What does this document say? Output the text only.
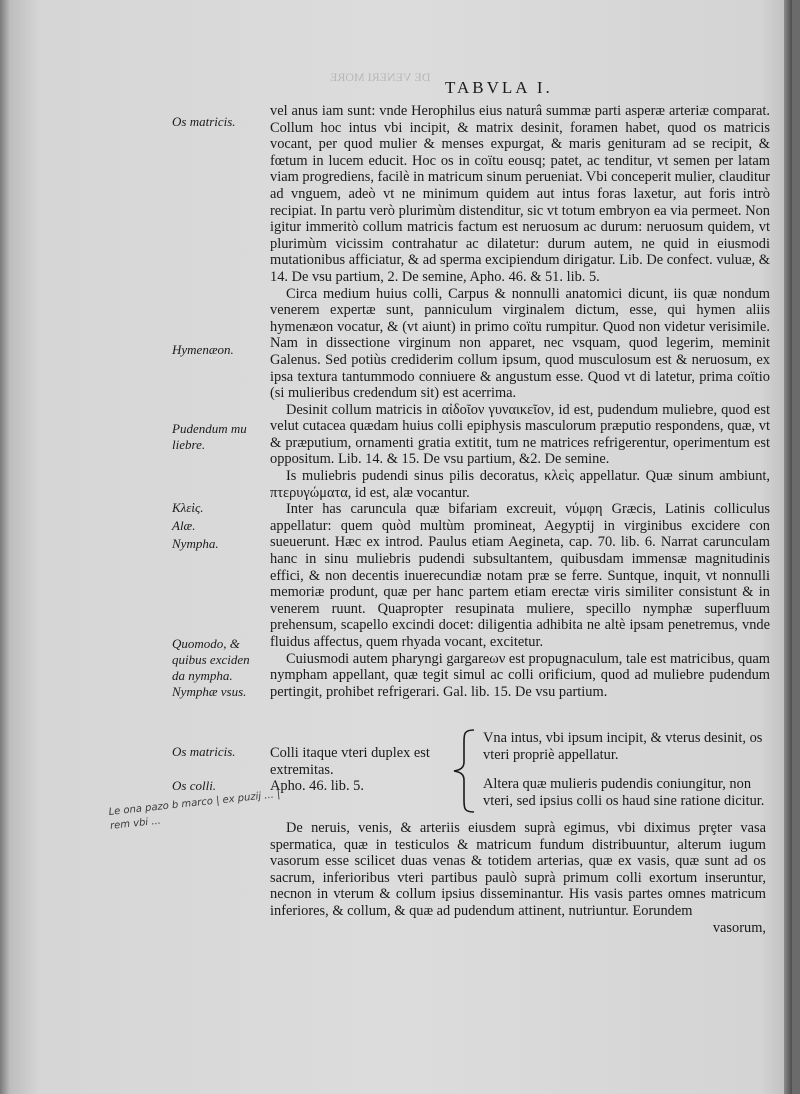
DE VENERI MORE
TABVLA I.
Os matricis.
Hymenæon.
Pudendum mu
liebre.
Κλεὶς.
Alæ.
Nympha.
Quomodo, &
quibus exciden
da nympha.
Nymphæ vsus.
Os matricis.
Os colli.
vel anus iam sunt: vnde Herophilus eius naturâ summæ parti asperæ arteriæ comparat. Collum hoc intus vbi incipit, & matrix desinit, foramen habet, quod os matricis vocant, per quod mulier & menses expurgat, & maris genituram ad se recipit, & fœtum in lucem educit. Hoc os in coïtu eousq; patet, ac tenditur, vt semen per latam viam progrediens, facilè in matricum sinum perueniat. Vbi conceperit mulier, clauditur ad vnguem, adeò vt ne minimum quidem aut intus foras laxetur, aut foris intrò recipiat. In partu verò plurimùm distenditur, sic vt totum embryon ea via permeet. Non igitur immeritò collum matricis factum est neruosum ac durum: neruosum quidem, vt plurimùm vicissim contrahatur ac dilatetur: durum autem, ne quid in eiusmodi mutationibus afficiatur, & ad sperma excipiendum dirigatur. Lib. De confect. vuluæ, & 14. De vsu partium, 2. De semine, Apho. 46. & 51. lib. 5.
Circa medium huius colli, Carpus & nonnulli anatomici dicunt, iis quæ nondum venerem expertæ sunt, panniculum virginalem dictum, esse, qui hymen aliis hymenæon vocatur, & (vt aiunt) in primo coïtu rumpitur. Quod non videtur verisimile. Nam in dissectione virginum non apparet, nec vsquam, quod legerim, meminit Galenus. Sed potiùs crediderim collum ipsum, quod musculosum est & neruosum, ex ipsa textura tantummodo conniuere & angustum esse. Quod vt di latetur, prima coïtio (si mulieribus credendum sit) est acerrima.
Desinit collum matricis in αἰδοῖον γυναικεῖον, id est, pudendum muliebre, quod est velut cutacea quædam huius colli epiphysis masculorum præputio respondens, quæ, vt & præputium, ornamenti gratia extitit, tum ne matrices refrigerentur, operimentum est oppositum. Lib. 14. & 15. De vsu partium, &2. De semine.
Is muliebris pudendi sinus pilis decoratus, κλεὶς appellatur. Quæ sinum ambiunt, πτερυγώματα, id est, alæ vocantur.
Inter has caruncula quæ bifariam excreuit, νύμφη Græcis, Latinis colliculus appellatur: quem quòd multùm promineat, Aegyptij in virginibus excidere con sueuerunt. Hæc ex introd. Paulus etiam Aegineta, cap. 70. lib. 6. Narrat carunculam hanc in sinu muliebris pudendi subsultantem, quibusdam immensæ magnitudinis effici, & non decentis inuerecundiæ notam præ se ferre. Suntque, inquit, vt nonnulli memoriæ produnt, quæ per hanc partem etiam erectæ viris similiter consistunt & in venerem ruunt. Quapropter resupinata muliere, specillo nymphæ superfluum prehensum, scapello excindi docet: diligentia adhibita ne altè ipsam penetremus, vnde fluidus affectus, quem rhyada vocant, excitetur.
Cuiusmodi autem pharyngi gargareων est propugnaculum, tale est matricibus, quam nympham appellant, quæ tegit simul ac colli orificium, quod ad muliebre pudendum pertingit, prohibet refrigerari. Gal. lib. 15. De vsu partium.
Colli itaque vteri duplex est
extremitas.
Apho. 46. lib. 5.
Vna intus, vbi ipsum incipit, & vterus desinit, os vteri propriè appellatur.
Altera quæ mulieris pudendis coniungitur, non vteri, sed ipsius colli os haud sine ratione dicitur.
Le ona pazo b marco | ex puzij ... | rem vbi ...	De neruis, venis, & arteriis eiusdem suprà egimus, vbi diximus prȩter vasa spermatica, quæ in testiculos & matricum fundum distribuuntur, alterum iugum vasorum esse scilicet duas venas & totidem arterias, quæ ex vasis, quæ sunt ad os sacrum, inferioribus vteri partibus paulò suprà primum colli exortum inseruntur, necnon in vterum & collum ipsius disseminantur. His vasis partes omnes matricum inferiores, & collum, & quæ ad pudendum attinent, nutriuntur. Eorundem
vasorum,
